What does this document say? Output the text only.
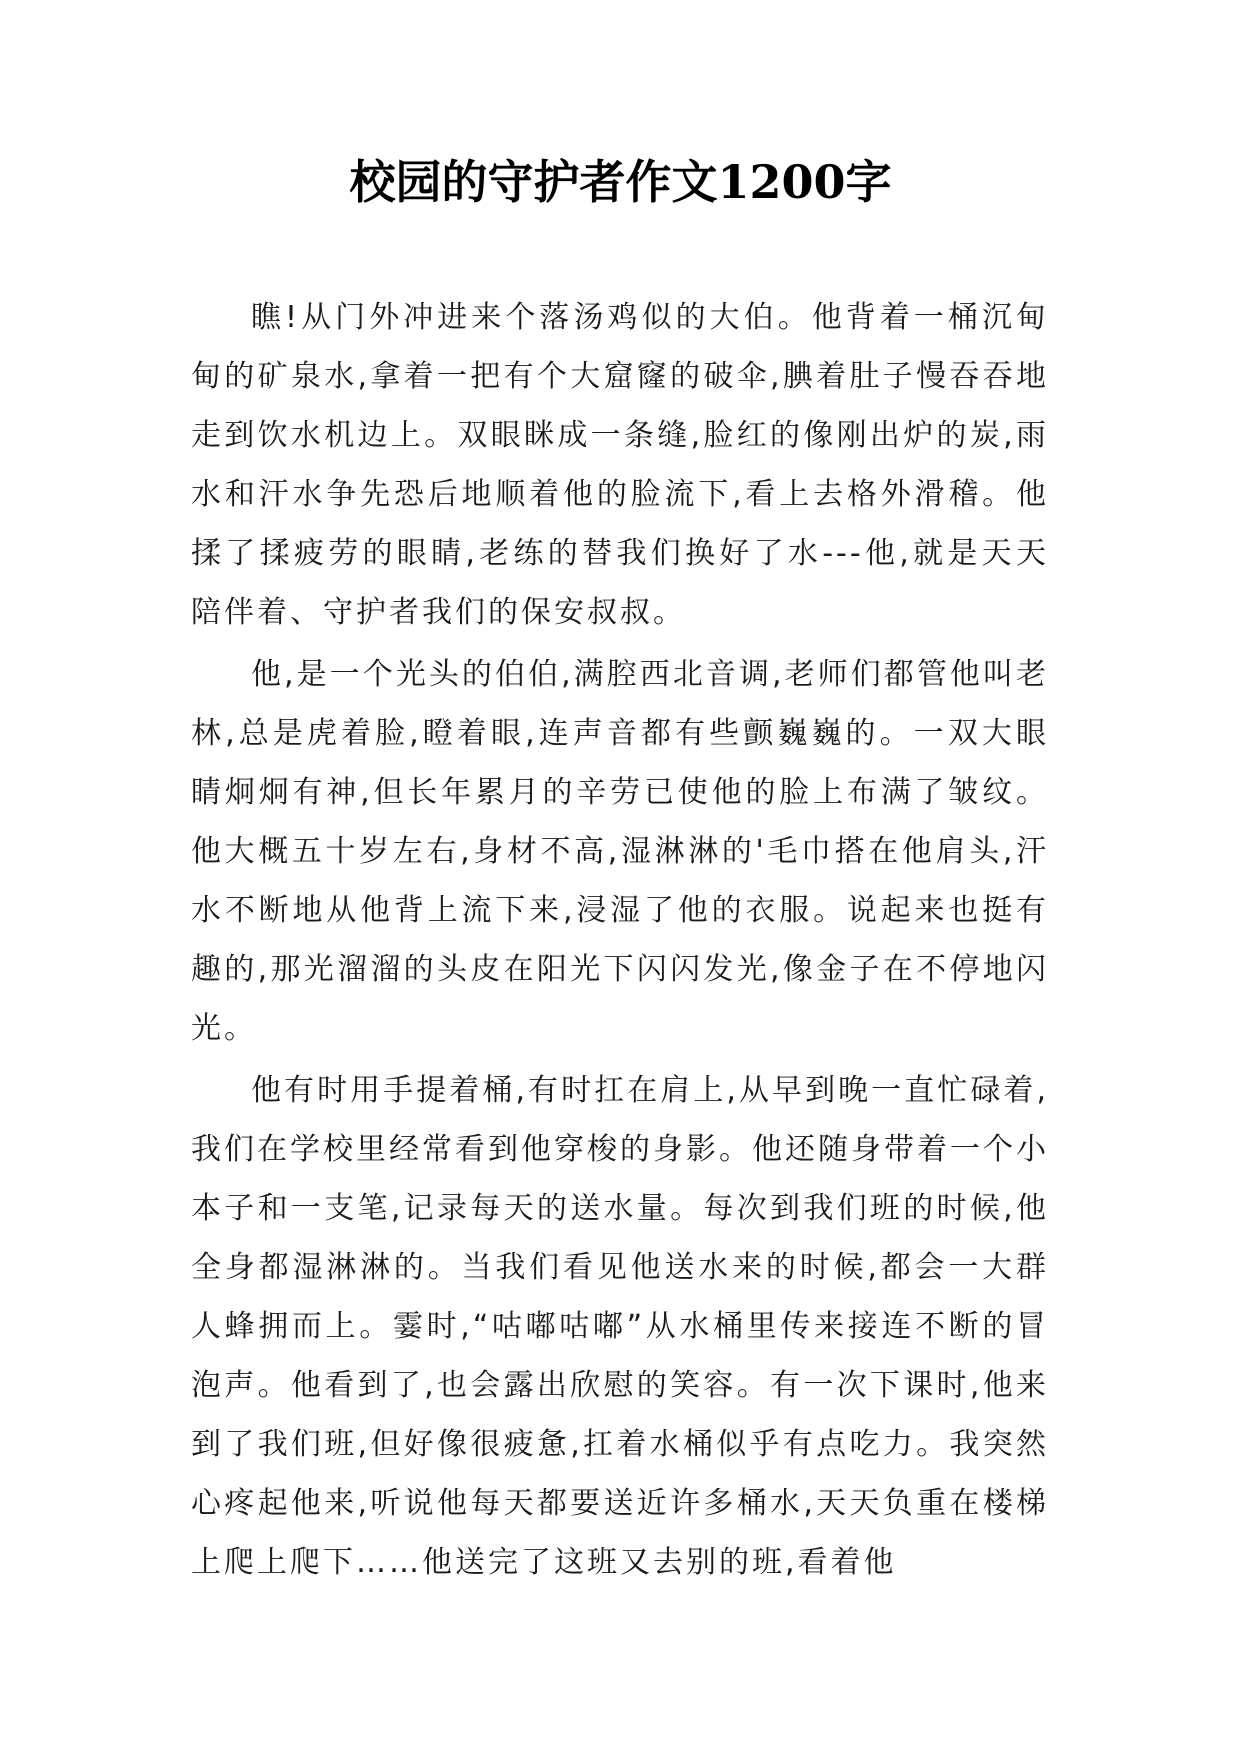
校园的守护者作文1200字

瞧!从门外冲进来个落汤鸡似的大伯。他背着一桶沉甸甸的矿泉水,拿着一把有个大窟窿的破伞,腆着肚子慢吞吞地走到饮水机边上。双眼眯成一条缝,脸红的像刚出炉的炭,雨水和汗水争先恐后地顺着他的脸流下,看上去格外滑稽。他揉了揉疲劳的眼睛,老练的替我们换好了水---他,就是天天陪伴着、守护者我们的保安叔叔。

他,是一个光头的伯伯,满腔西北音调,老师们都管他叫老林,总是虎着脸,瞪着眼,连声音都有些颤巍巍的。一双大眼睛炯炯有神,但长年累月的辛劳已使他的脸上布满了皱纹。他大概五十岁左右,身材不高,湿淋淋的'毛巾搭在他肩头,汗水不断地从他背上流下来,浸湿了他的衣服。说起来也挺有趣的,那光溜溜的头皮在阳光下闪闪发光,像金子在不停地闪光。

他有时用手提着桶,有时扛在肩上,从早到晚一直忙碌着,我们在学校里经常看到他穿梭的身影。他还随身带着一个小本子和一支笔,记录每天的送水量。每次到我们班的时候,他全身都湿淋淋的。当我们看见他送水来的时候,都会一大群人蜂拥而上。霎时,“咕嘟咕嘟”从水桶里传来接连不断的冒泡声。他看到了,也会露出欣慰的笑容。有一次下课时,他来到了我们班,但好像很疲惫,扛着水桶似乎有点吃力。我突然心疼起他来,听说他每天都要送近许多桶水,天天负重在楼梯上爬上爬下……他送完了这班又去别的班,看着他
